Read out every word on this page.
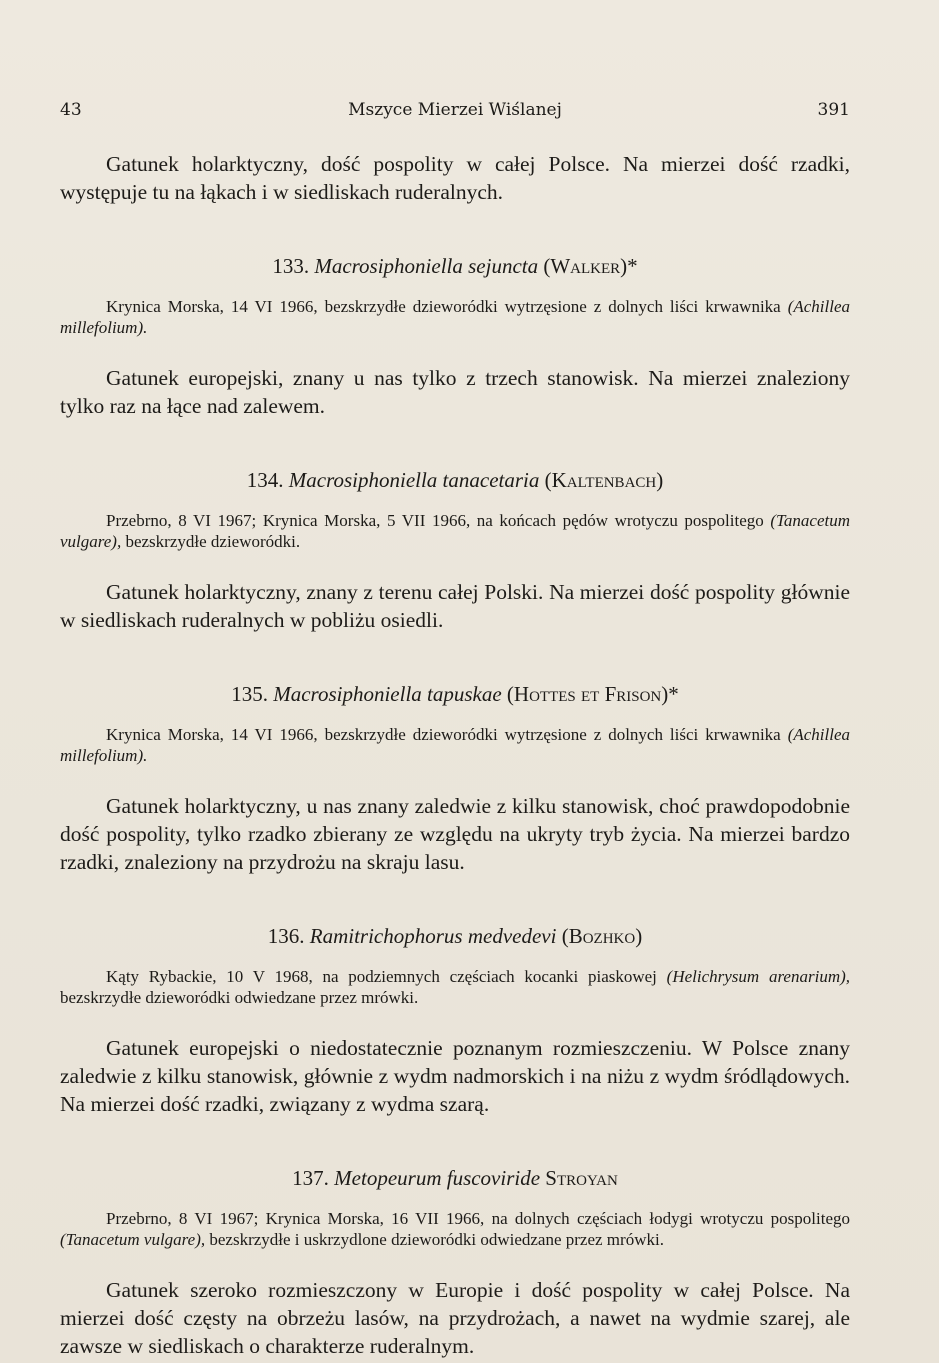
43	Mszyce Mierzei Wiślanej	391

Gatunek holarktyczny, dość pospolity w całej Polsce. Na mierzei dość rzadki, występuje tu na łąkach i w siedliskach ruderalnych.

133. Macrosiphoniella sejuncta (Walker)*

Krynica Morska, 14 VI 1966, bezskrzydłe dzieworódki wytrzęsione z dolnych liści krwawnika (Achillea millefolium).

Gatunek europejski, znany u nas tylko z trzech stanowisk. Na mierzei znaleziony tylko raz na łące nad zalewem.

134. Macrosiphoniella tanacetaria (Kaltenbach)

Przebrno, 8 VI 1967; Krynica Morska, 5 VII 1966, na końcach pędów wrotyczu pospolitego (Tanacetum vulgare), bezskrzydłe dzieworódki.

Gatunek holarktyczny, znany z terenu całej Polski. Na mierzei dość pospolity głównie w siedliskach ruderalnych w pobliżu osiedli.

135. Macrosiphoniella tapuskae (Hottes et Frison)*

Krynica Morska, 14 VI 1966, bezskrzydłe dzieworódki wytrzęsione z dolnych liści krwawnika (Achillea millefolium).

Gatunek holarktyczny, u nas znany zaledwie z kilku stanowisk, choć prawdopodobnie dość pospolity, tylko rzadko zbierany ze względu na ukryty tryb życia. Na mierzei bardzo rzadki, znaleziony na przydrożu na skraju lasu.

136. Ramitrichophorus medvedevi (Bozhko)

Kąty Rybackie, 10 V 1968, na podziemnych częściach kocanki piaskowej (Helichrysum arenarium), bezskrzydłe dzieworódki odwiedzane przez mrówki.

Gatunek europejski o niedostatecznie poznanym rozmieszczeniu. W Polsce znany zaledwie z kilku stanowisk, głównie z wydm nadmorskich i na niżu z wydm śródlądowych. Na mierzei dość rzadki, związany z wydma szarą.

137. Metopeurum fuscoviride Stroyan

Przebrno, 8 VI 1967; Krynica Morska, 16 VII 1966, na dolnych częściach łodygi wrotyczu pospolitego (Tanacetum vulgare), bezskrzydłe i uskrzydlone dzieworódki odwiedzane przez mrówki.

Gatunek szeroko rozmieszczony w Europie i dość pospolity w całej Polsce. Na mierzei dość częsty na obrzeżu lasów, na przydrożach, a nawet na wydmie szarej, ale zawsze w siedliskach o charakterze ruderalnym.
